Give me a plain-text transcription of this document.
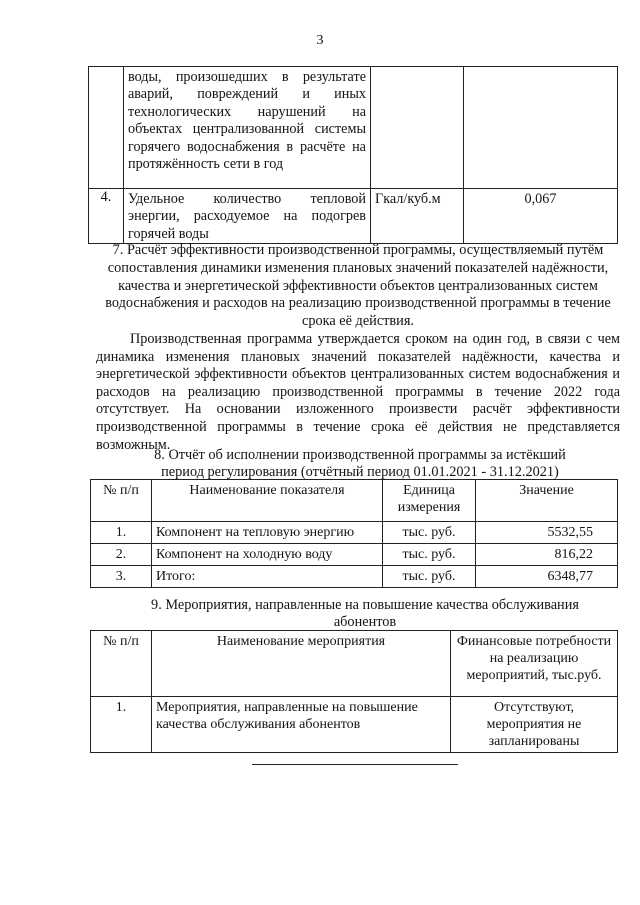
3
	воды, произошедших в результате аварий, повреждений и иных технологических нарушений на объектах централизованной системы горячего водоснабжения в расчёте на протяжённость сети в год		
4.	Удельное количество тепловой энергии, расходуемое на подогрев горячей воды	Гкал/куб.м	0,067
7. Расчёт эффективности производственной программы, осуществляемый путём сопоставления динамики изменения плановых значений показателей надёжности, качества и энергетической эффективности объектов централизованных систем водоснабжения и расходов на реализацию производственной программы в течение срока её действия.
Производственная программа утверждается сроком на один год, в связи с чем динамика изменения плановых значений показателей надёжности, качества и энергетической эффективности объектов централизованных систем водоснабжения и расходов на реализацию производственной программы в течение 2022 года отсутствует. На основании изложенного произвести расчёт эффективности производственной программы в течение срока её действия не представляется возможным.
8. Отчёт об исполнении производственной программы за истёкший период регулирования (отчётный период 01.01.2021 - 31.12.2021)
№ п/п	Наименование показателя	Единица измерения	Значение
1.	Компонент на тепловую энергию	тыс. руб.	5532,55
2.	Компонент на холодную воду	тыс. руб.	816,22
3.	Итого:	тыс. руб.	6348,77
9. Мероприятия, направленные на повышение качества обслуживания абонентов
№ п/п	Наименование мероприятия	Финансовые потребности на реализацию мероприятий, тыс.руб.
1.	Мероприятия, направленные на повышение качества обслуживания абонентов	Отсутствуют, мероприятия не запланированы
